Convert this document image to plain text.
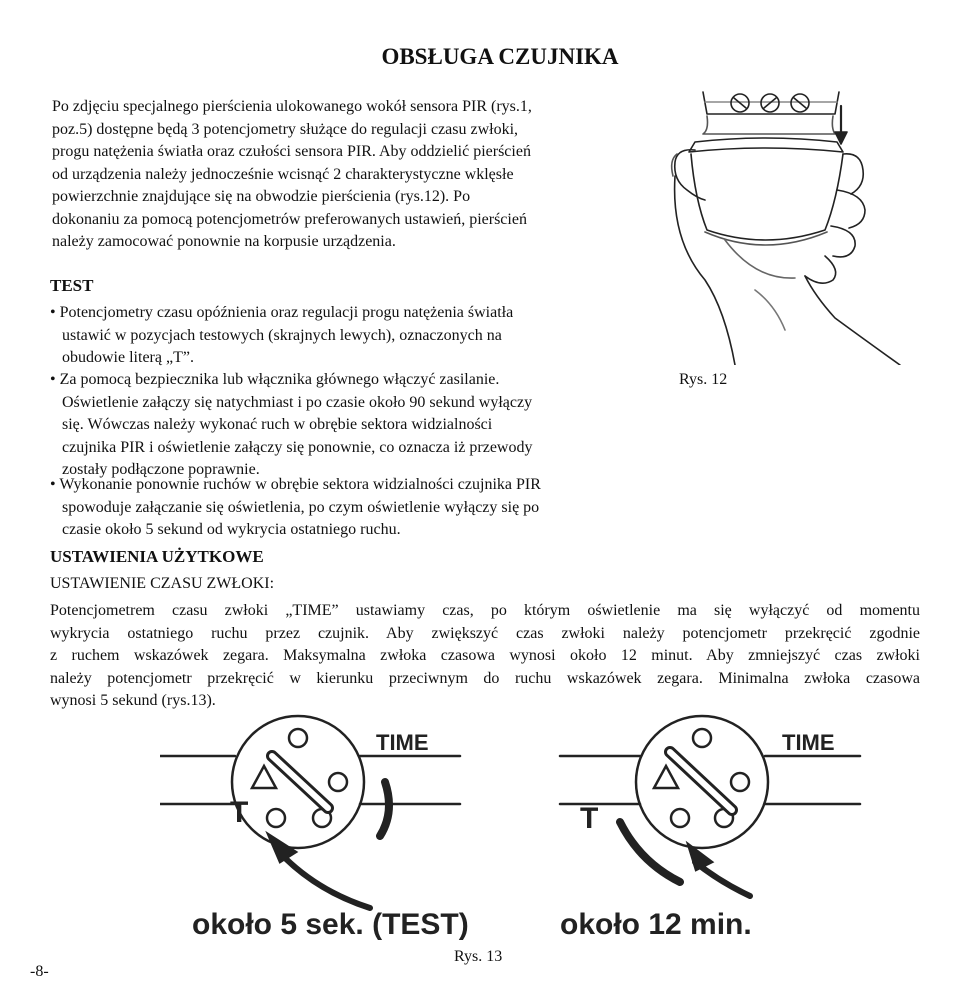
OBSŁUGA CZUJNIKA
Po zdjęciu specjalnego pierścienia ulokowanego wokół sensora PIR (rys.1,
poz.5) dostępne będą 3 potencjometry służące do regulacji czasu zwłoki,
progu natężenia światła oraz czułości sensora PIR. Aby oddzielić pierścień
od urządzenia należy jednocześnie wcisnąć 2 charakterystyczne wklęsłe
powierzchnie znajdujące się na obwodzie pierścienia (rys.12). Po
dokonaniu za pomocą potencjometrów preferowanych ustawień, pierścień
należy zamocować ponownie na korpusie urządzenia.
Rys. 12
TEST
• Potencjometry czasu opóźnienia oraz regulacji progu natężenia światła
ustawić w pozycjach testowych (skrajnych lewych), oznaczonych na
obudowie literą „T”.
• Za pomocą bezpiecznika lub włącznika głównego włączyć zasilanie.
Oświetlenie załączy się natychmiast i po czasie około 90 sekund wyłączy
się. Wówczas należy wykonać ruch w obrębie sektora widzialności
czujnika PIR i oświetlenie załączy się ponownie, co oznacza iż przewody
zostały podłączone poprawnie.
• Wykonanie ponownie ruchów w obrębie sektora widzialności czujnika PIR
spowoduje załączanie się oświetlenia, po czym oświetlenie wyłączy się po
czasie około 5 sekund od wykrycia ostatniego ruchu.
USTAWIENIA UŻYTKOWE
USTAWIENIE CZASU ZWŁOKI:
Potencjometrem czasu zwłoki „TIME” ustawiamy czas, po którym oświetlenie ma się wyłączyć od momentu
wykrycia ostatniego ruchu przez czujnik. Aby zwiększyć czas zwłoki należy potencjometr przekręcić zgodnie
z ruchem wskazówek zegara. Maksymalna zwłoka czasowa wynosi około 12 minut. Aby zmniejszyć czas zwłoki
należy potencjometr przekręcić w kierunku przeciwnym do ruchu wskazówek zegara. Minimalna zwłoka czasowa
wynosi 5 sekund (rys.13).
TIME
T
około 5 sek. (TEST)
TIME
T
około 12 min.
Rys. 13
-8-
